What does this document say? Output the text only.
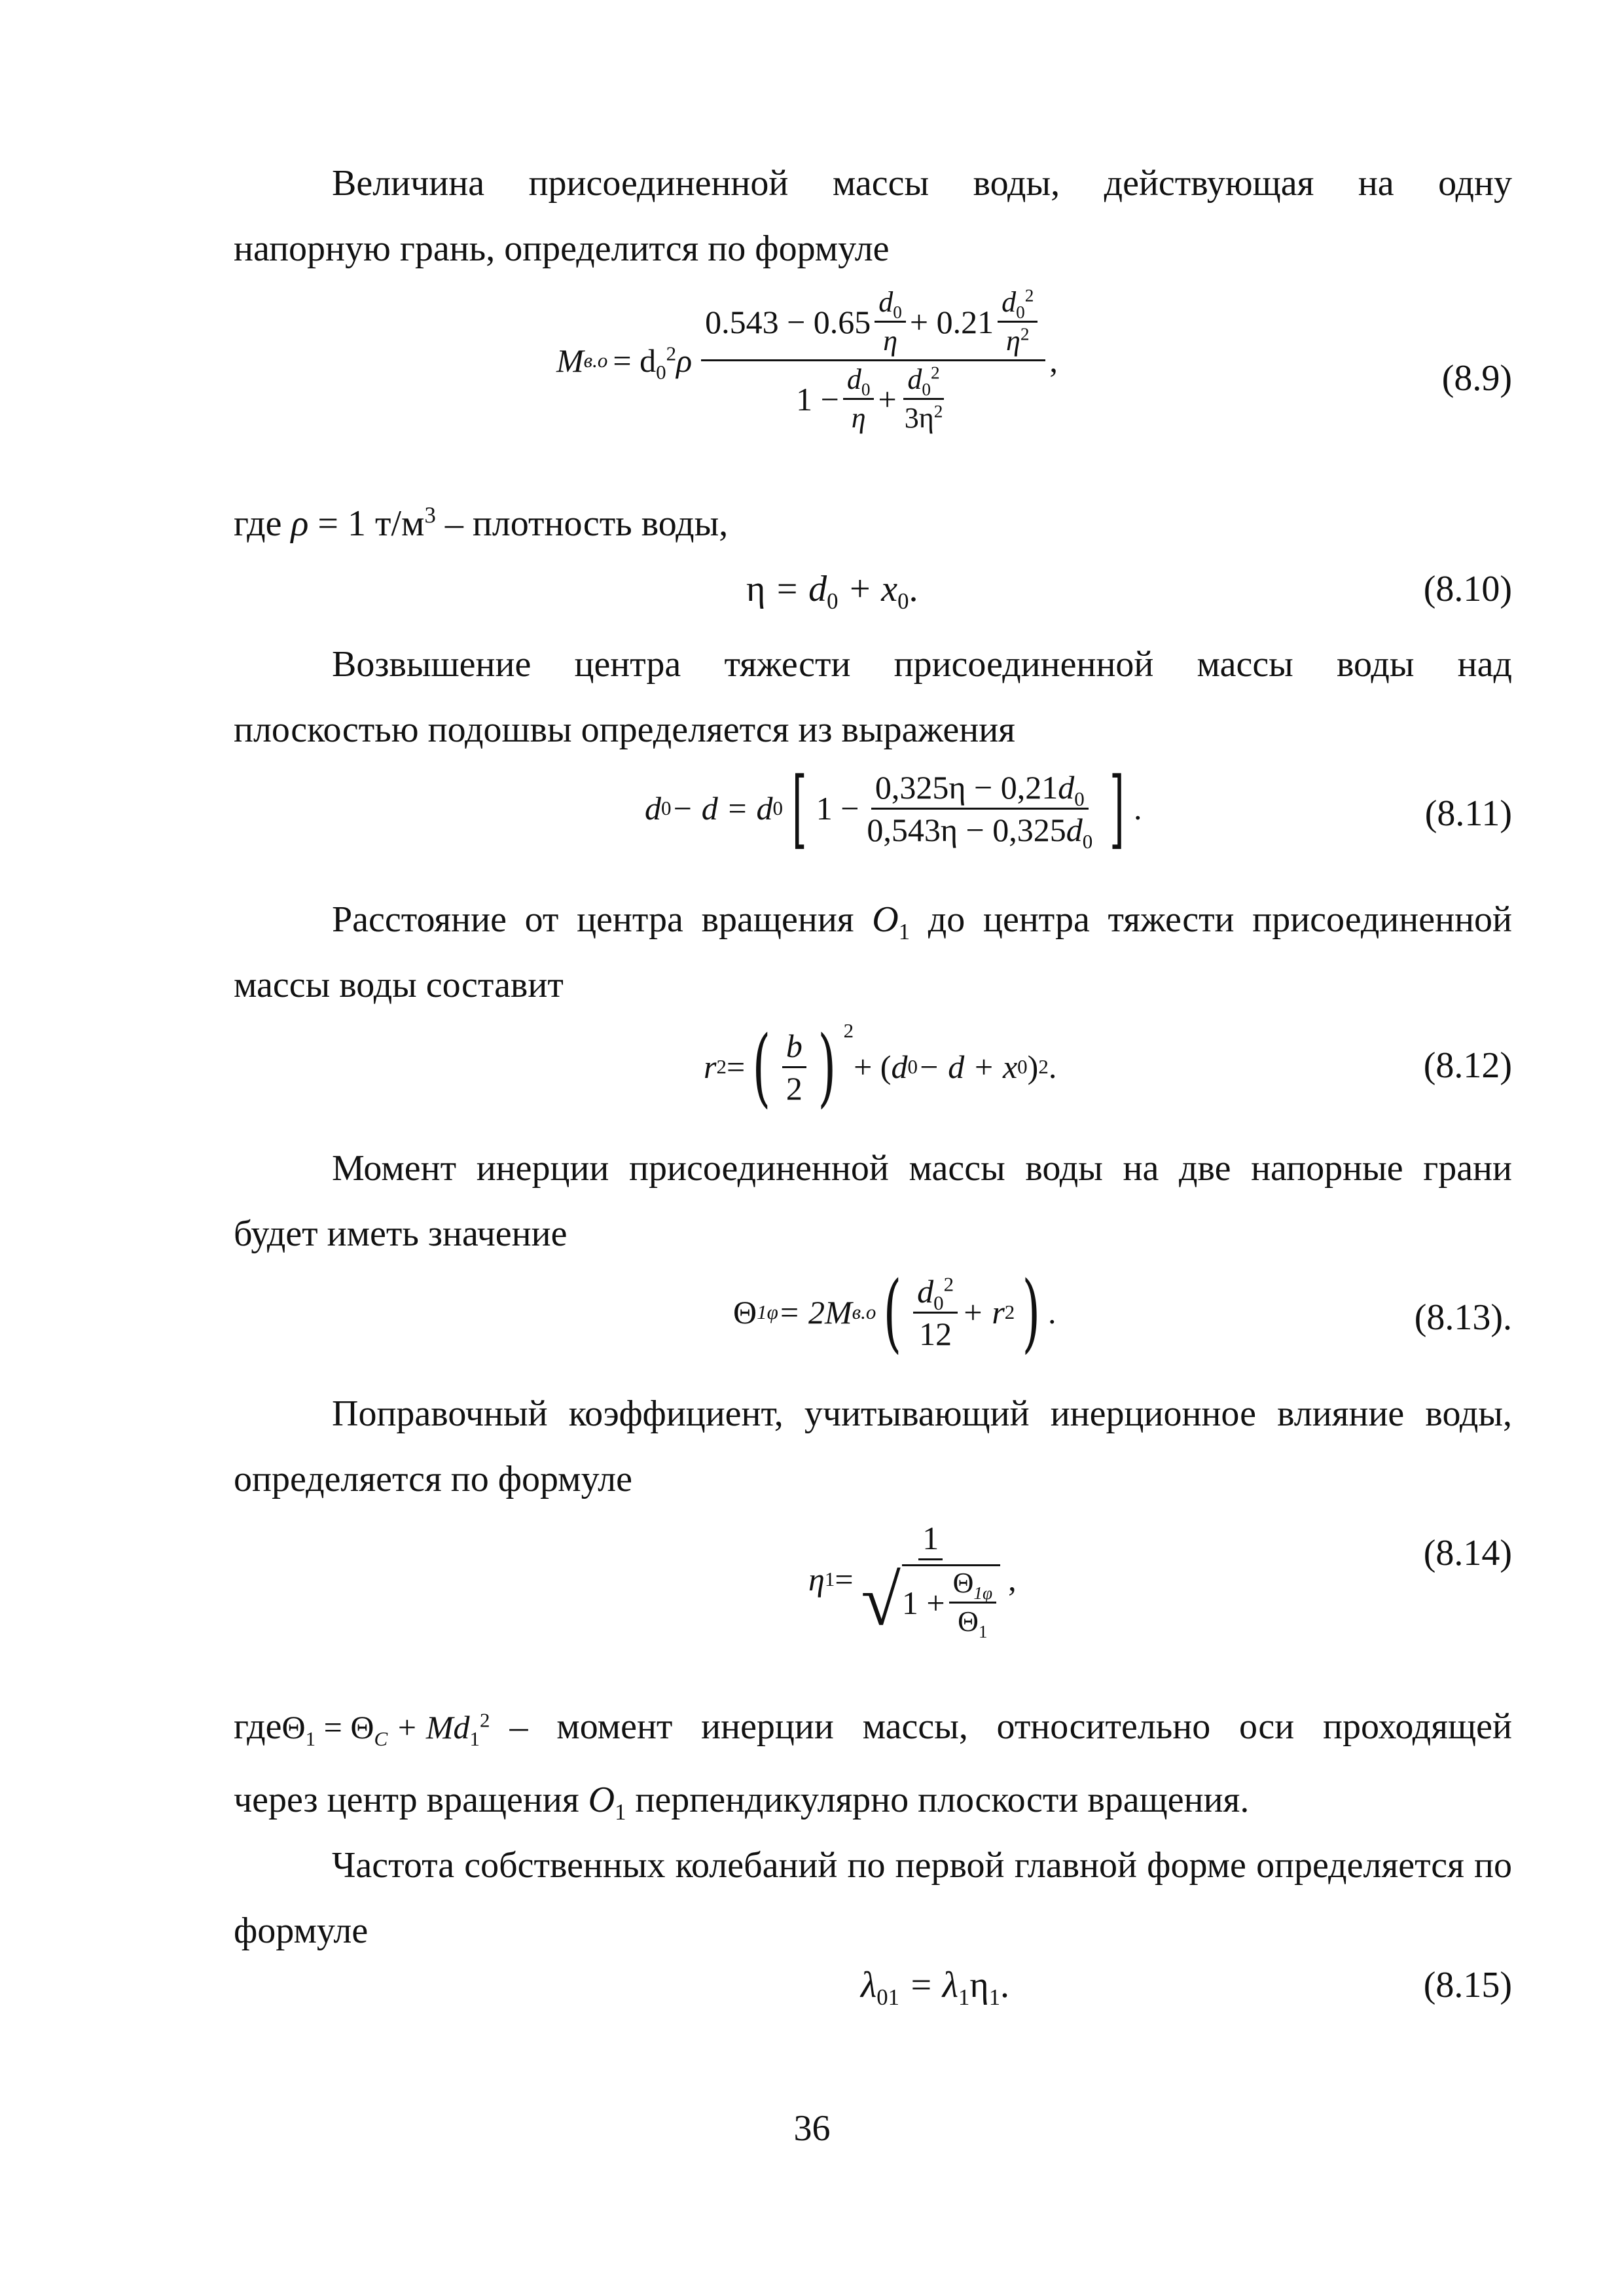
Величина присоединенной массы воды, действующая на одну
напорную грань, определится по формуле
M $в.о = d_0^2\rho$
$0.543 - 0.65 \frac{d_0}{\eta} + 0.21 \frac{d_0^2}{\eta^2}$
$1 - \frac{d_0}{\eta} + \frac{d_0^2}{3\eta^2}$
,	(8.9)
где ρ = 1 $т/м^3$ – плотность воды,
$\eta = d_0 + x_0$.	(8.10)
Возвышение центра тяжести присоединенной массы воды над
плоскостью подошвы определяется из выражения
d 0 − d = d 0 [ $1 - \frac{0,325\eta - 0,21d_0}{0,543\eta - 0,325d_0}$ ] .	(8.11)
Расстояние от центра вращения $O_1$ до центра тяжести присоединенной массы воды составит
r 2 = ( $\frac{b}{2}$ ) 2
+ ( d 0 − d + x 0 ) 2 .	(8.12)
Момент инерции присоединенной массы воды на две напорные грани будет иметь значение
Θ 1φ = 2M в.о ( $\frac{d_0^2}{12} + r$ 2 ) .	(8.13).
Поправочный коэффициент, учитывающий инерционное влияние воды, определяется по формуле
η 1 =
1
√ $1 + \frac{\Theta_{1\varphi}}{\Theta_1}$ ,
(8.14)
где $\Theta_1 = \Theta_C + Md_1^2$ – момент инерции массы, относительно оси проходящей
через центр вращения $O_1$ перпендикулярно плоскости вращения.
Частота собственных колебаний по первой главной форме определяется по формуле
$\lambda_{01} = \lambda_1\eta_1$.	(8.15)
36
